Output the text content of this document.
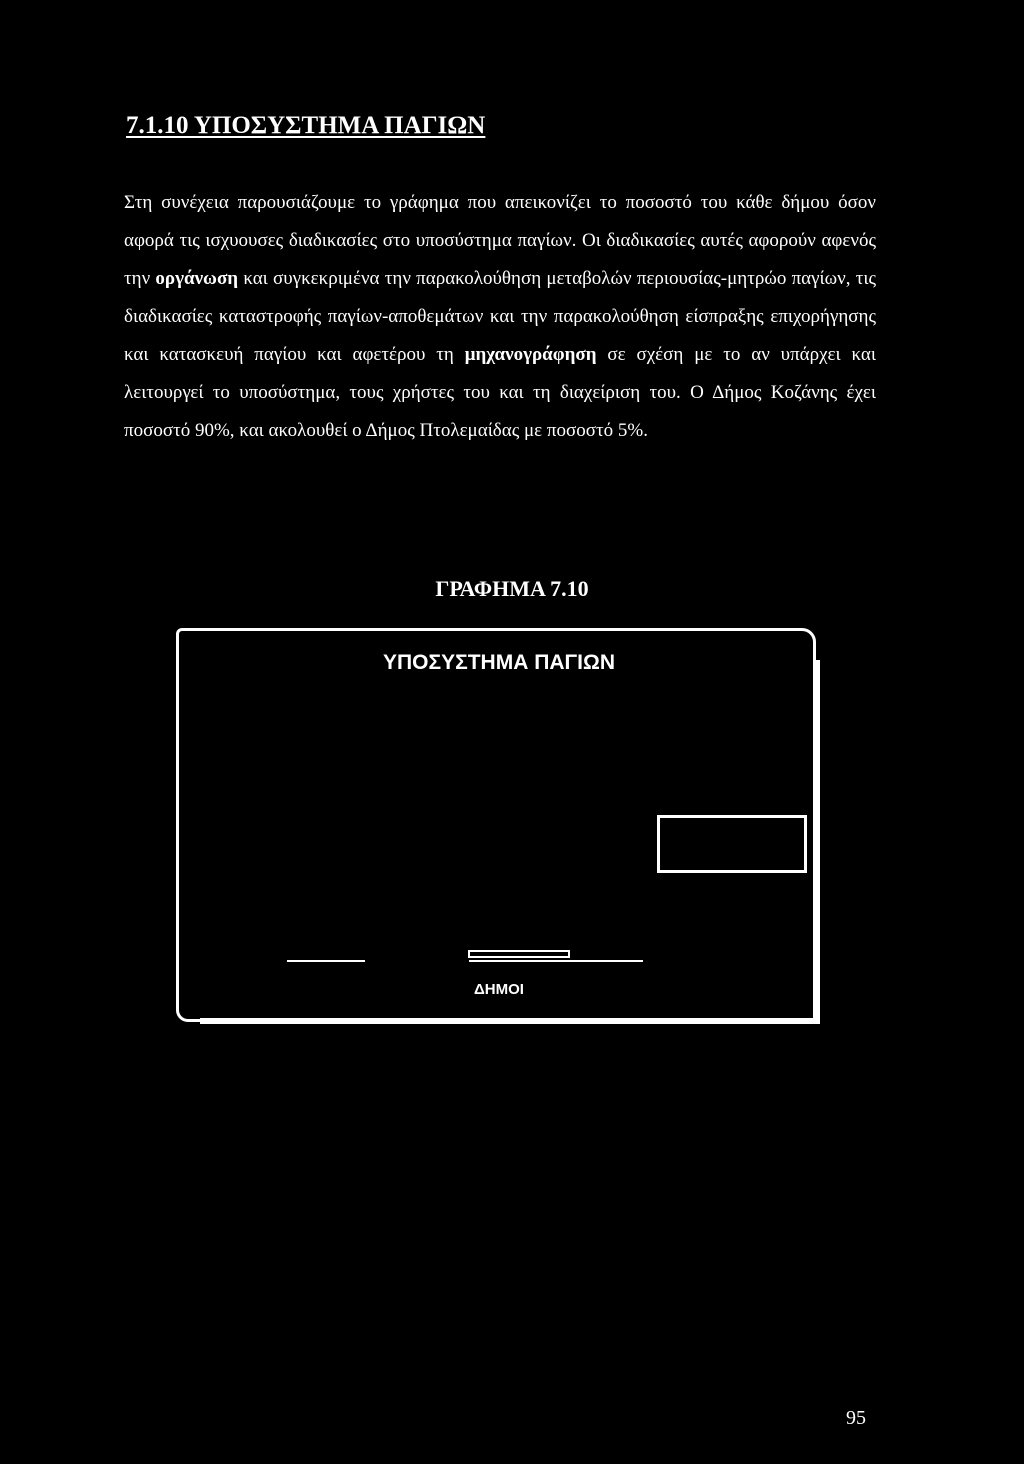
7.1.10 ΥΠΟΣΥΣΤΗΜΑ ΠΑΓΙΩΝ
Στη συνέχεια παρουσιάζουμε το γράφημα που απεικονίζει το ποσοστό του κάθε δήμου όσον αφορά τις ισχυουσες διαδικασίες στο υποσύστημα παγίων. Οι διαδικασίες αυτές αφορούν αφενός την οργάνωση και συγκεκριμένα την παρακολούθηση μεταβολών περιουσίας-μητρώο παγίων, τις διαδικασίες καταστροφής παγίων-αποθεμάτων και την παρακολούθηση είσπραξης επιχορήγησης και κατασκευή παγίου και αφετέρου τη μηχανογράφηση σε σχέση με το αν υπάρχει και λειτουργεί το υποσύστημα, τους χρήστες του και τη διαχείριση του. Ο Δήμος Κοζάνης έχει ποσοστό 90%, και ακολουθεί ο Δήμος Πτολεμαίδας με ποσοστό 5%.
ΓΡΑΦΗΜΑ 7.10
ΥΠΟΣΥΣΤΗΜΑ ΠΑΓΙΩΝ
ΔΗΜΟΙ
95
